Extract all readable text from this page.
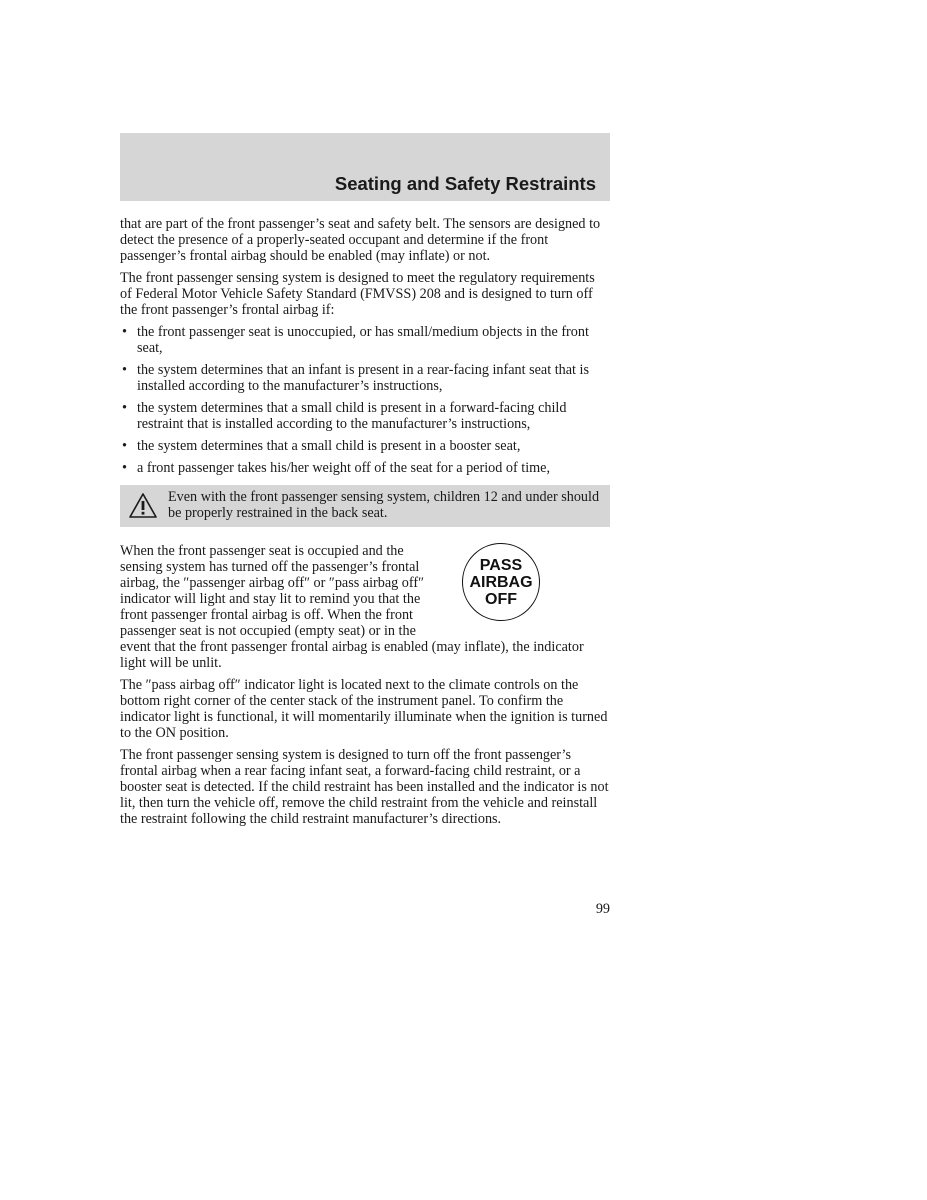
Seating and Safety Restraints

that are part of the front passenger’s seat and safety belt. The sensors are designed to detect the presence of a properly-seated occupant and determine if the front passenger’s frontal airbag should be enabled (may inflate) or not.

The front passenger sensing system is designed to meet the regulatory requirements of Federal Motor Vehicle Safety Standard (FMVSS) 208 and is designed to turn off the front passenger’s frontal airbag if:

• the front passenger seat is unoccupied, or has small/medium objects in the front seat,
• the system determines that an infant is present in a rear-facing infant seat that is installed according to the manufacturer’s instructions,
• the system determines that a small child is present in a forward-facing child restraint that is installed according to the manufacturer’s instructions,
• the system determines that a small child is present in a booster seat,
• a front passenger takes his/her weight off of the seat for a period of time,
Even with the front passenger sensing system, children 12 and under should be properly restrained in the back seat.
PASS
AIRBAG
OFF

When the front passenger seat is occupied and the sensing system has turned off the passenger’s frontal airbag, the ″passenger airbag off″ or ″pass airbag off″ indicator will light and stay lit to remind you that the front passenger frontal airbag is off. When the front passenger seat is not occupied (empty seat) or in the event that the front passenger frontal airbag is enabled (may inflate), the indicator light will be unlit.

The ″pass airbag off″ indicator light is located next to the climate controls on the bottom right corner of the center stack of the instrument panel. To confirm the indicator light is functional, it will momentarily illuminate when the ignition is turned to the ON position.

The front passenger sensing system is designed to turn off the front passenger’s frontal airbag when a rear facing infant seat, a forward-facing child restraint, or a booster seat is detected. If the child restraint has been installed and the indicator is not lit, then turn the vehicle off, remove the child restraint from the vehicle and reinstall the restraint following the child restraint manufacturer’s directions.

99
